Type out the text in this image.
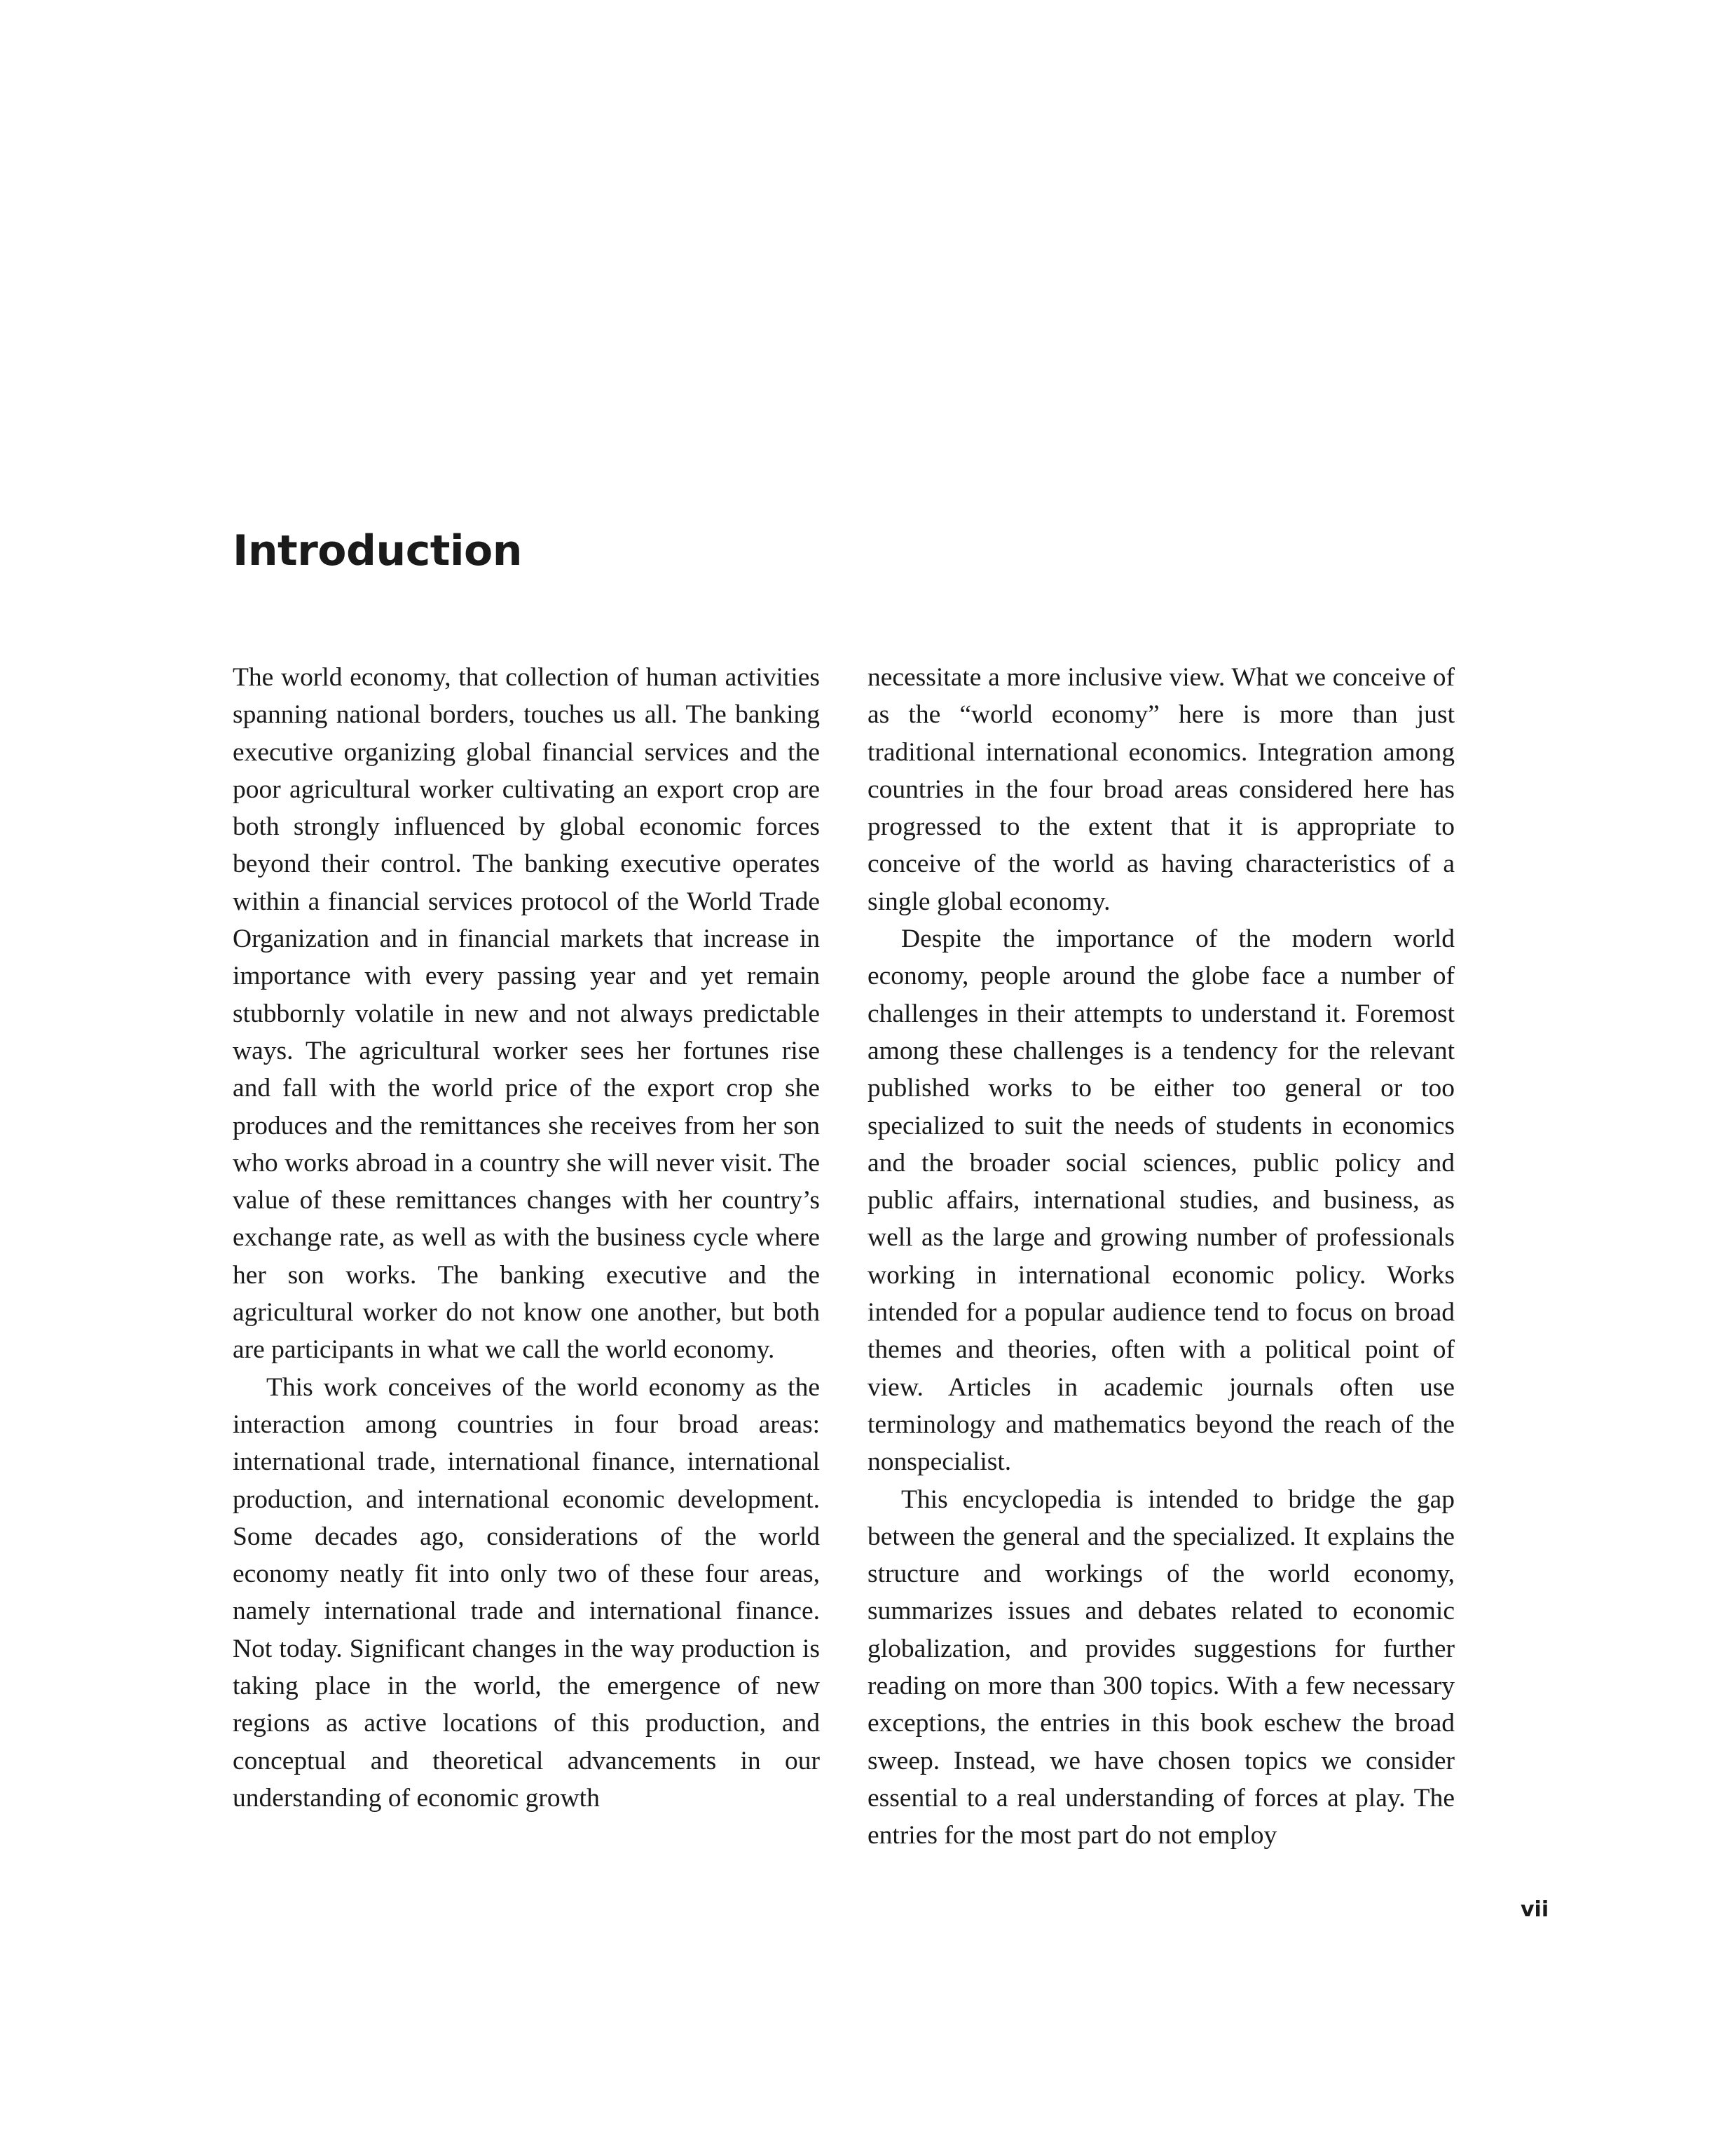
Introduction

The world economy, that collection of human activities spanning national borders, touches us all. The banking executive organizing global financial services and the poor agricultural worker cultivating an export crop are both strongly influenced by global economic forces beyond their control. The banking executive operates within a financial services protocol of the World Trade Organization and in financial markets that increase in importance with every passing year and yet remain stubbornly volatile in new and not always predictable ways. The agricultural worker sees her fortunes rise and fall with the world price of the export crop she produces and the remittances she receives from her son who works abroad in a country she will never visit. The value of these remittances changes with her country’s exchange rate, as well as with the business cycle where her son works. The banking executive and the agricultural worker do not know one another, but both are participants in what we call the world economy.

This work conceives of the world economy as the interaction among countries in four broad areas: international trade, international finance, international production, and international economic development. Some decades ago, considerations of the world economy neatly fit into only two of these four areas, namely international trade and international finance. Not today. Significant changes in the way production is taking place in the world, the emergence of new regions as active locations of this production, and conceptual and theoretical advancements in our understanding of economic growth

necessitate a more inclusive view. What we conceive of as the “world economy” here is more than just traditional international economics. Integration among countries in the four broad areas considered here has progressed to the extent that it is appropriate to conceive of the world as having characteristics of a single global economy.

Despite the importance of the modern world economy, people around the globe face a number of challenges in their attempts to understand it. Foremost among these challenges is a tendency for the relevant published works to be either too general or too specialized to suit the needs of students in economics and the broader social sciences, public policy and public affairs, international studies, and business, as well as the large and growing number of professionals working in international economic policy. Works intended for a popular audience tend to focus on broad themes and theories, often with a political point of view. Articles in academic journals often use terminology and mathematics beyond the reach of the nonspecialist.

This encyclopedia is intended to bridge the gap between the general and the specialized. It explains the structure and workings of the world economy, summarizes issues and debates related to economic globalization, and provides suggestions for further reading on more than 300 topics. With a few necessary exceptions, the entries in this book eschew the broad sweep. Instead, we have chosen topics we consider essential to a real understanding of forces at play. The entries for the most part do not employ

vii
